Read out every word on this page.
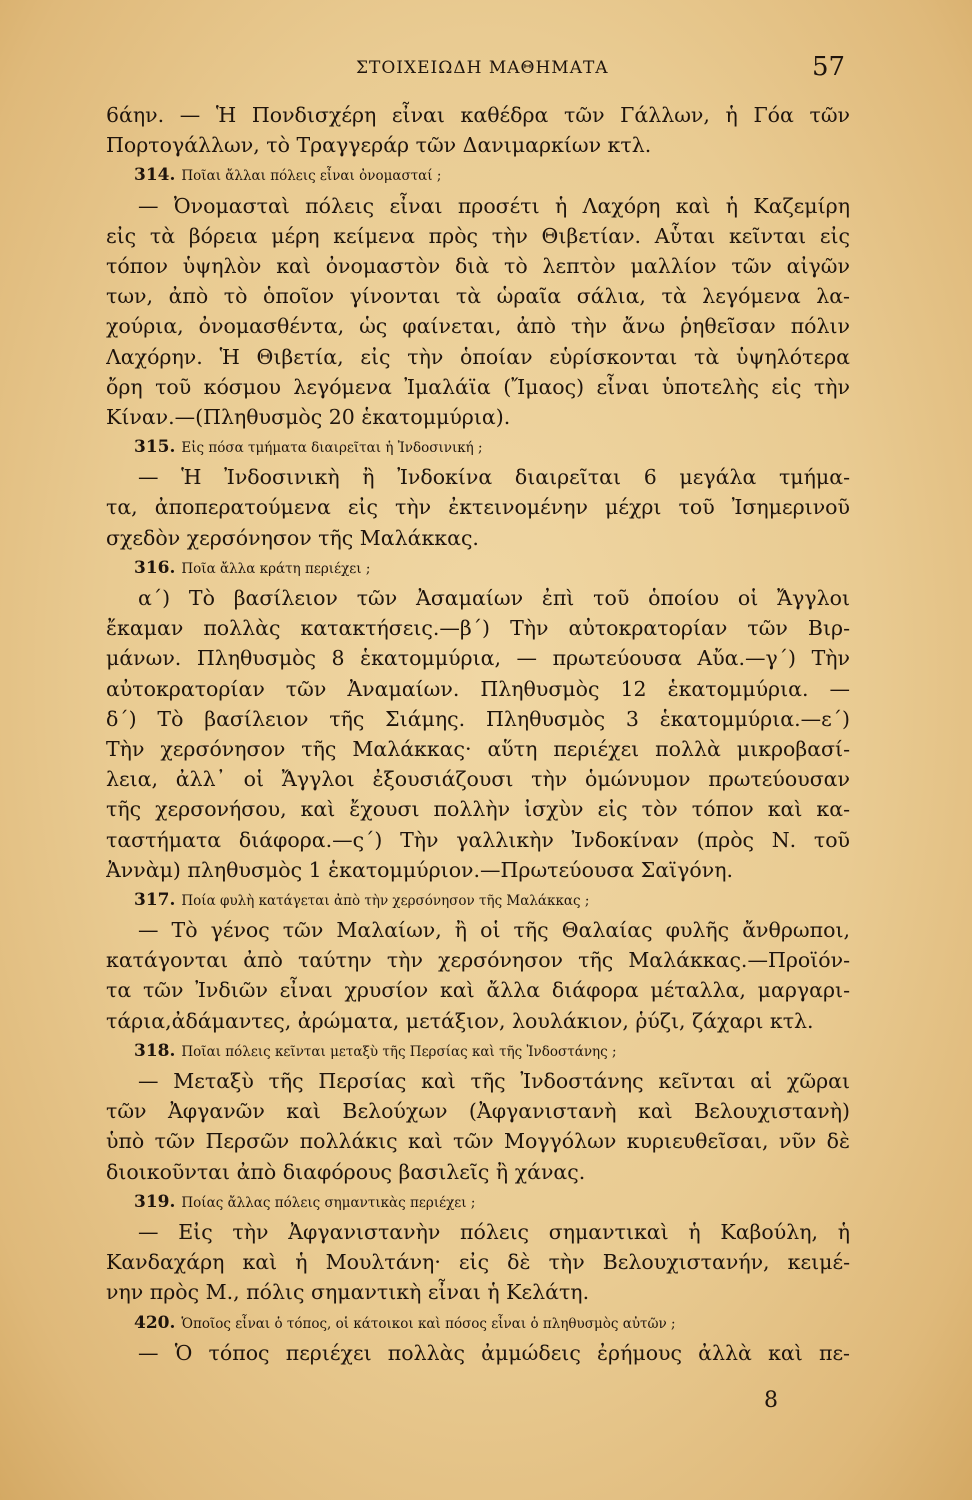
ΣΤΟΙΧΕΙΩΔΗ ΜΑΘΗΜΑΤΑ	57
6άην. — Ἡ Πονδισχέρη εἶναι καθέδρα τῶν Γάλλων, ἡ Γόα τῶν
Πορτογάλλων, τὸ Τραγγεράρ τῶν Δανιμαρκίων κτλ.
314. Ποῖαι ἄλλαι πόλεις εἶναι ὀνομασταί ;
— Ὀνομασταὶ πόλεις εἶναι προσέτι ἡ Λαχόρη καὶ ἡ Καζεμίρη
εἰς τὰ βόρεια μέρη κείμενα πρὸς τὴν Θιβετίαν. Αὗται κεῖνται εἰς
τόπον ὑψηλὸν καὶ ὀνομαστὸν διὰ τὸ λεπτὸν μαλλίον τῶν αἰγῶν
των, ἀπὸ τὸ ὁποῖον γίνονται τὰ ὡραῖα σάλια, τὰ λεγόμενα λα-
χούρια, ὀνομασθέντα, ὡς φαίνεται, ἀπὸ τὴν ἄνω ῥηθεῖσαν πόλιν
Λαχόρην. Ἡ Θιβετία, εἰς τὴν ὁποίαν εὑρίσκονται τὰ ὑψηλότερα
ὄρη τοῦ κόσμου λεγόμενα Ἰμαλάϊα (Ἴμαος) εἶναι ὑποτελὴς εἰς τὴν
Κίναν.—(Πληθυσμὸς 20 ἑκατομμύρια).
315. Εἰς πόσα τμήματα διαιρεῖται ἡ Ἰνδοσινική ;
— Ἡ Ἰνδοσινικὴ ἢ Ἰνδοκίνα διαιρεῖται 6 μεγάλα τμήμα-
τα, ἀποπερατούμενα εἰς τὴν ἐκτεινομένην μέχρι τοῦ Ἰσημερινοῦ
σχεδὸν χερσόνησον τῆς Μαλάκκας.
316. Ποῖα ἄλλα κράτη περιέχει ;
α΄) Τὸ βασίλειον τῶν Ἀσαμαίων ἐπὶ τοῦ ὁποίου οἱ Ἄγγλοι
ἔκαμαν πολλὰς κατακτήσεις.—β΄) Τὴν αὐτοκρατορίαν τῶν Βιρ-
μάνων. Πληθυσμὸς 8 ἑκατομμύρια, — πρωτεύουσα Αὔα.—γ΄) Τὴν
αὐτοκρατορίαν τῶν Ἀναμαίων. Πληθυσμὸς 12 ἑκατομμύρια. —
δ΄) Τὸ βασίλειον τῆς Σιάμης. Πληθυσμὸς 3 ἑκατομμύρια.—ε΄)
Τὴν χερσόνησον τῆς Μαλάκκας· αὕτη περιέχει πολλὰ μικροβασί-
λεια, ἀλλ᾽ οἱ Ἄγγλοι ἐξουσιάζουσι τὴν ὁμώνυμον πρωτεύουσαν
τῆς χερσονήσου, καὶ ἔχουσι πολλὴν ἰσχὺν εἰς τὸν τόπον καὶ κα-
ταστήματα διάφορα.—ς΄) Τὴν γαλλικὴν Ἰνδοκίναν (πρὸς Ν. τοῦ
Ἀννὰμ) πληθυσμὸς 1 ἑκατομμύριον.—Πρωτεύουσα Σαϊγόνη.
317. Ποία φυλὴ κατάγεται ἀπὸ τὴν χερσόνησον τῆς Μαλάκκας ;
— Τὸ γένος τῶν Μαλαίων, ἢ οἱ τῆς Θαλαίας φυλῆς ἄνθρωποι,
κατάγονται ἀπὸ ταύτην τὴν χερσόνησον τῆς Μαλάκκας.—Προϊόν-
τα τῶν Ἰνδιῶν εἶναι χρυσίον καὶ ἄλλα διάφορα μέταλλα, μαργαρι-
τάρια,ἀδάμαντες, ἀρώματα, μετάξιον, λουλάκιον, ῥύζι, ζάχαρι κτλ.
318. Ποῖαι πόλεις κεῖνται μεταξὺ τῆς Περσίας καὶ τῆς Ἰνδοστάνης ;
— Μεταξὺ τῆς Περσίας καὶ τῆς Ἰνδοστάνης κεῖνται αἱ χῶραι
τῶν Ἀφγανῶν καὶ Βελούχων (Ἀφγανιστανὴ καὶ Βελουχιστανὴ)
ὑπὸ τῶν Περσῶν πολλάκις καὶ τῶν Μογγόλων κυριευθεῖσαι, νῦν δὲ
διοικοῦνται ἀπὸ διαφόρους βασιλεῖς ἢ χάνας.
319. Ποίας ἄλλας πόλεις σημαντικὰς περιέχει ;
— Εἰς τὴν Ἀφγανιστανὴν πόλεις σημαντικαὶ ἡ Καβούλη, ἡ
Κανδαχάρη καὶ ἡ Μουλτάνη· εἰς δὲ τὴν Βελουχιστανήν, κειμέ-
νην πρὸς Μ., πόλις σημαντικὴ εἶναι ἡ Κελάτη.
420. Ὁποῖος εἶναι ὁ τόπος, οἱ κάτοικοι καὶ πόσος εἶναι ὁ πληθυσμὸς αὐτῶν ;
— Ὁ τόπος περιέχει πολλὰς ἀμμώδεις ἐρήμους ἀλλὰ καὶ πε-
8
